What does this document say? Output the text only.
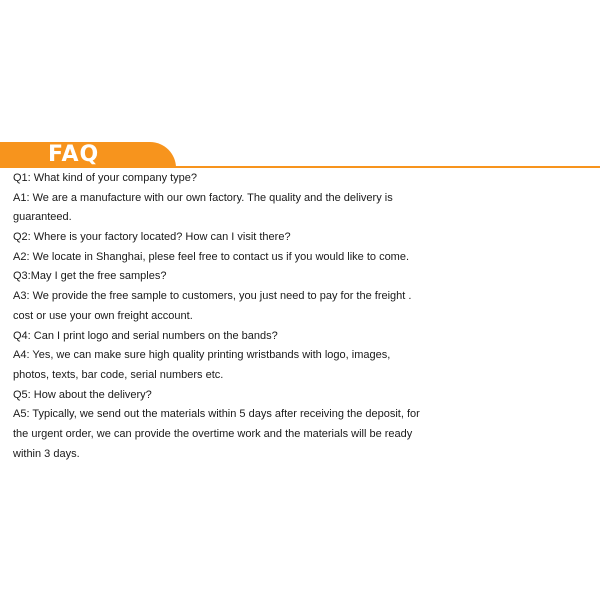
FAQ
Q1: What kind of your company type?
A1: We are a manufacture with our own factory. The quality and the delivery is
guaranteed.
Q2: Where is your factory located? How can I visit there?
A2: We locate in Shanghai, plese feel free to contact us if you would like to come.
Q3:May I get the free samples?
A3: We provide the free sample to customers, you just need to pay for the freight .
cost or use your own freight account.
Q4: Can I print logo and serial numbers on the bands?
A4: Yes, we can make sure high quality printing wristbands with logo, images,
photos, texts, bar code, serial numbers etc.
Q5: How about the delivery?
A5: Typically, we send out the materials within 5 days after receiving the deposit, for
the urgent order, we can provide the overtime work and the materials will be ready
within 3 days.
